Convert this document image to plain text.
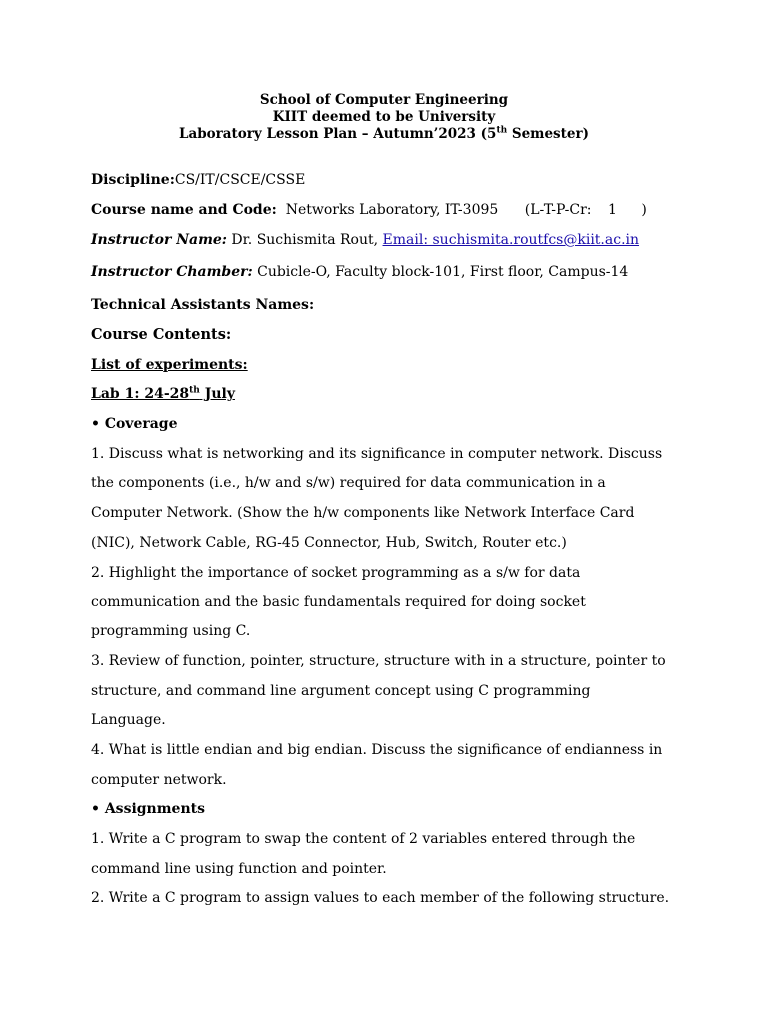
School of Computer Engineering
KIIT deemed to be University
Laboratory Lesson Plan – Autumn’2023 (5th Semester)
Discipline:CS/IT/CSCE/CSSE
Course name and Code: Networks Laboratory, IT-3095 (L-T-P-Cr: 1 )
Instructor Name: Dr. Suchismita Rout, Email: suchismita.routfcs@kiit.ac.in
Instructor Chamber: Cubicle-O, Faculty block-101, First floor, Campus-14
Technical Assistants Names:
Course Contents:
List of experiments:
Lab 1: 24-28th July
• Coverage
1. Discuss what is networking and its significance in computer network. Discuss
the components (i.e., h/w and s/w) required for data communication in a
Computer Network. (Show the h/w components like Network Interface Card
(NIC), Network Cable, RG-45 Connector, Hub, Switch, Router etc.)
2. Highlight the importance of socket programming as a s/w for data
communication and the basic fundamentals required for doing socket
programming using C.
3. Review of function, pointer, structure, structure with in a structure, pointer to
structure, and command line argument concept using C programming
Language.
4. What is little endian and big endian. Discuss the significance of endianness in
computer network.
• Assignments
1. Write a C program to swap the content of 2 variables entered through the
command line using function and pointer.
2. Write a C program to assign values to each member of the following structure.
